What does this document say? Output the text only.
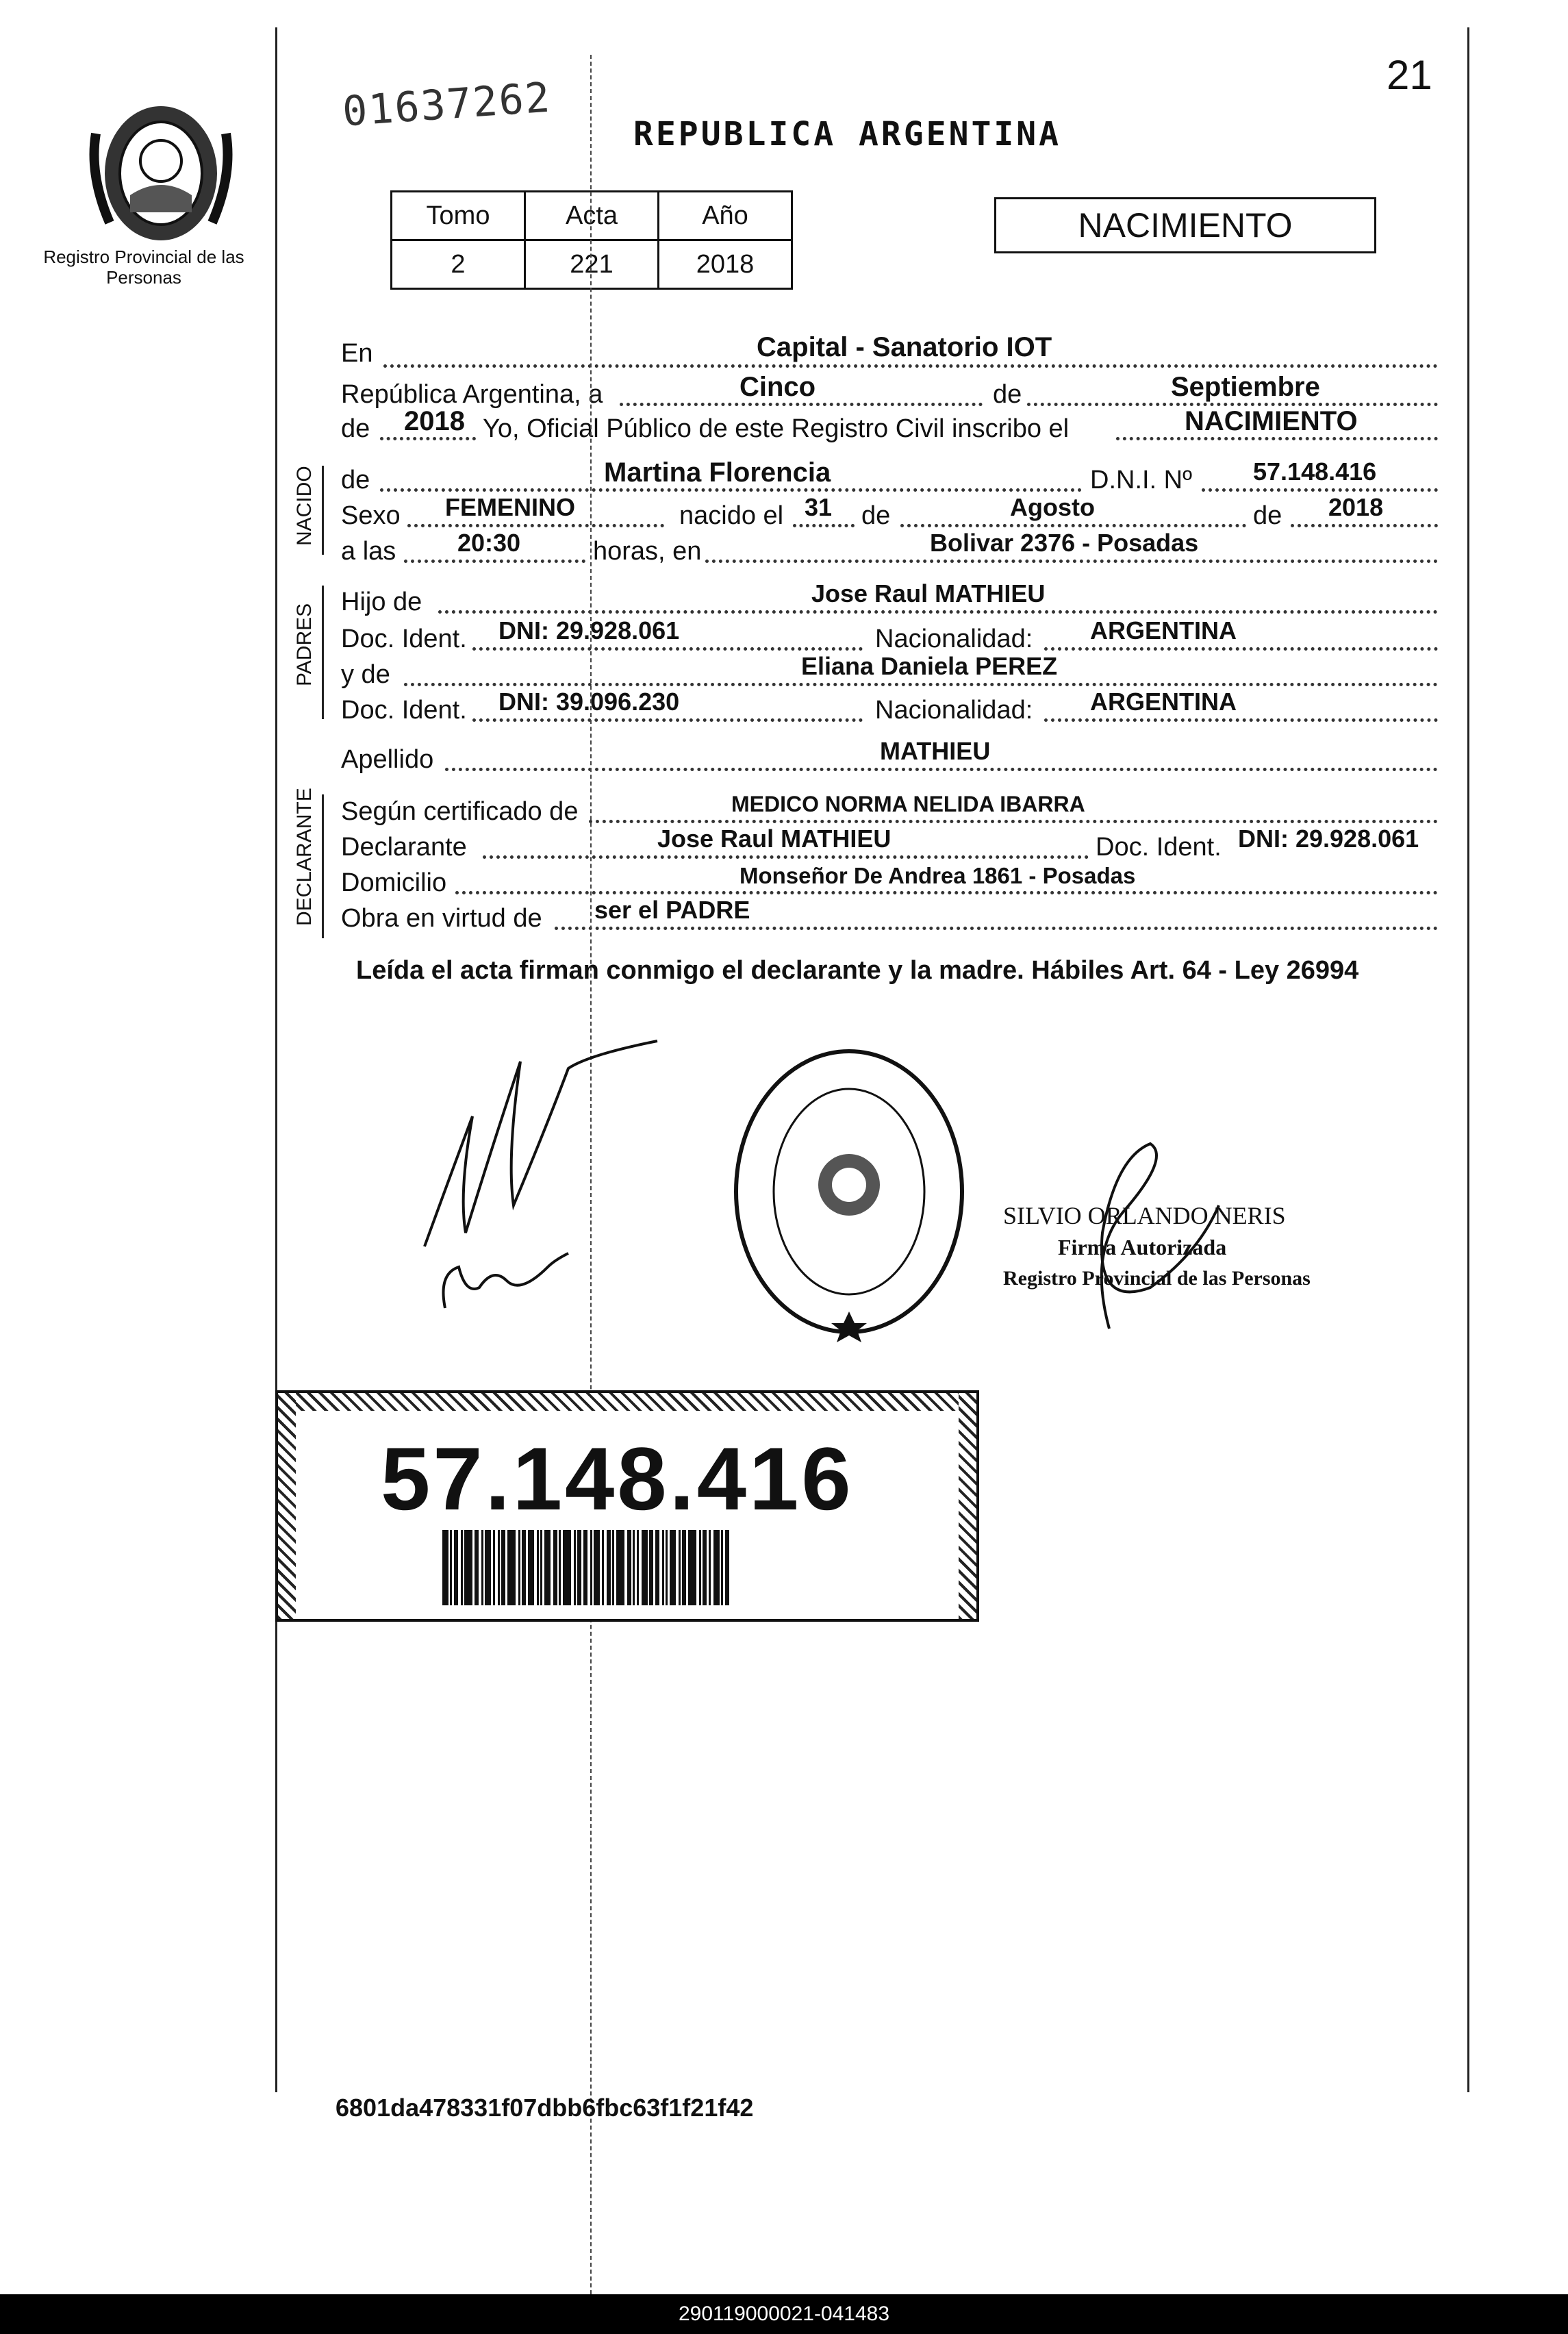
Registro Provincial de las Personas
01637262	21
REPUBLICA ARGENTINA
Tomo	Acta	Año
2	221	2018
NACIMIENTO
En	Capital - Sanatorio IOT
República Argentina, a	Cinco	de	Septiembre
de 2018 Yo, Oficial Público de este Registro Civil inscribo el	NACIMIENTO
NACIDO de	Martina Florencia	D.N.I. Nº 57.148.416
Sexo FEMENINO	nacido el 31 de	Agosto	de 2018
a las 20:30	horas, en	Bolivar 2376 - Posadas
PADRES
Hijo de	Jose Raul MATHIEU
Doc. Ident. DNI: 29.928.061	Nacionalidad: ARGENTINA
y de	Eliana Daniela PEREZ
Doc. Ident. DNI: 39.096.230	Nacionalidad: ARGENTINA
Apellido	MATHIEU
DECLARANTE Según certificado de	MEDICO NORMA NELIDA IBARRA
Declarante	Jose Raul MATHIEU	Doc. Ident. DNI: 29.928.061
Domicilio	Monseñor De Andrea 1861 - Posadas
Obra en virtud de ser el PADRE
Leída el acta firman conmigo el declarante y la madre. Hábiles Art. 64 - Ley 26994
SILVIO ORLANDO NERIS
Firma Autorizada
Registro Provincial de las Personas
57.148.416
6801da478331f07dbb6fbc63f1f21f42
290119000021-041483
